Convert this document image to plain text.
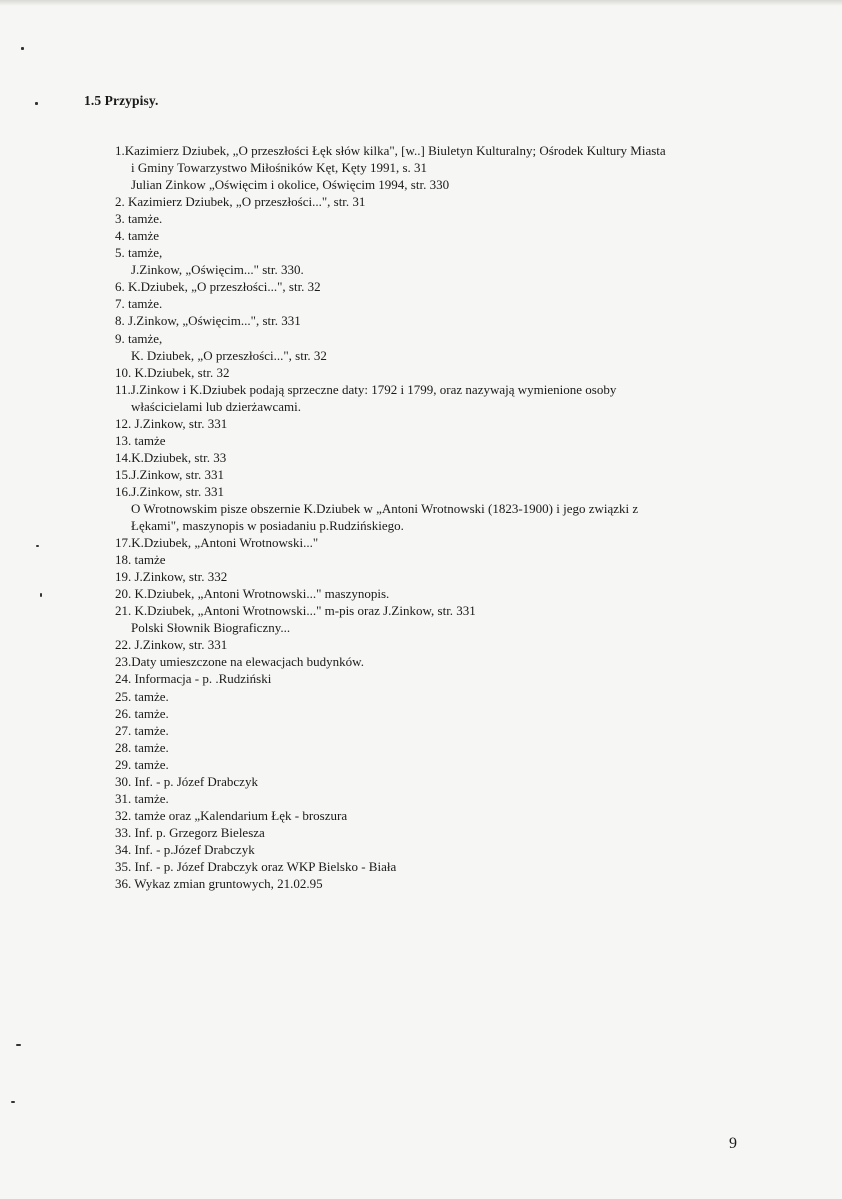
1.5 Przypisy.
1.Kazimierz Dziubek, „O przeszłości Łęk słów kilka", [w..] Biuletyn Kulturalny; Ośrodek Kultury Miasta
i Gminy Towarzystwo Miłośników Kęt, Kęty 1991, s. 31
Julian Zinkow „Oświęcim i okolice, Oświęcim 1994, str. 330
2. Kazimierz Dziubek, „O przeszłości...", str. 31
3. tamże.
4. tamże
5. tamże,
J.Zinkow, „Oświęcim..." str. 330.
6. K.Dziubek, „O przeszłości...", str. 32
7. tamże.
8. J.Zinkow, „Oświęcim...", str. 331
9. tamże,
K. Dziubek, „O przeszłości...", str. 32
10. K.Dziubek, str. 32
11.J.Zinkow i K.Dziubek podają sprzeczne daty: 1792 i 1799, oraz nazywają wymienione osoby
właścicielami lub dzierżawcami.
12. J.Zinkow, str. 331
13. tamże
14.K.Dziubek, str. 33
15.J.Zinkow, str. 331
16.J.Zinkow, str. 331
O Wrotnowskim pisze obszernie K.Dziubek w „Antoni Wrotnowski (1823-1900) i jego związki z
Łękami", maszynopis w posiadaniu p.Rudzińskiego.
17.K.Dziubek, „Antoni Wrotnowski..."
18. tamże
19. J.Zinkow, str. 332
20. K.Dziubek, „Antoni Wrotnowski..." maszynopis.
21. K.Dziubek, „Antoni Wrotnowski..." m-pis oraz J.Zinkow, str. 331
Polski Słownik Biograficzny...
22. J.Zinkow, str. 331
23.Daty umieszczone na elewacjach budynków.
24. Informacja - p. .Rudziński
25. tamże.
26. tamże.
27. tamże.
28. tamże.
29. tamże.
30. Inf. - p. Józef Drabczyk
31. tamże.
32. tamże oraz „Kalendarium Łęk - broszura
33. Inf. p. Grzegorz Bielesza
34. Inf. - p.Józef Drabczyk
35. Inf. - p. Józef Drabczyk oraz WKP Bielsko - Biała
36. Wykaz zmian gruntowych, 21.02.95
9
